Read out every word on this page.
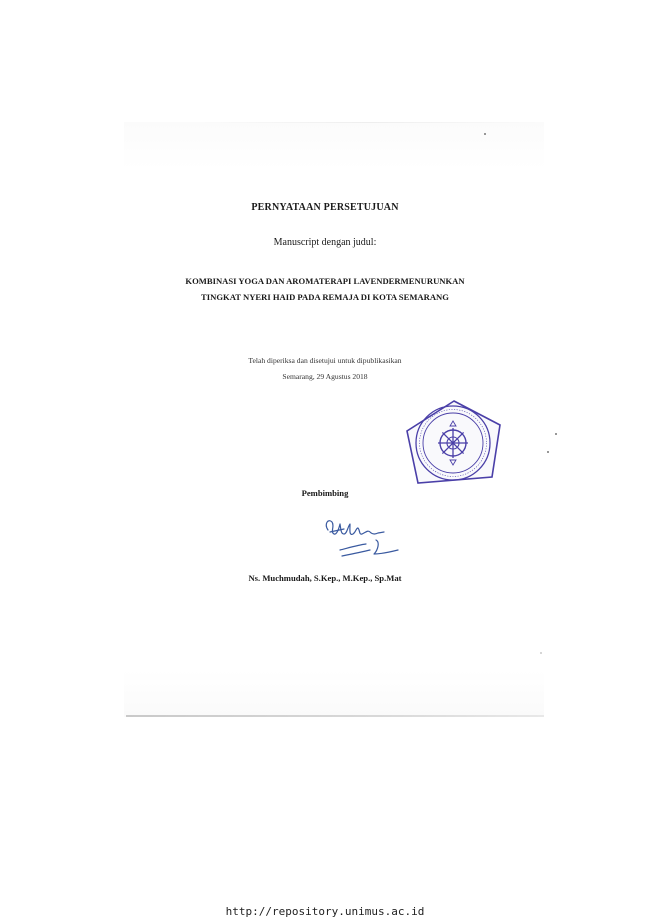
PERNYATAAN PERSETUJUAN
Manuscript dengan judul:
KOMBINASI YOGA DAN AROMATERAPI LAVENDERMENURUNKAN
TINGKAT NYERI HAID PADA REMAJA DI KOTA SEMARANG
Telah diperiksa dan disetujui untuk dipublikasikan
Semarang, 29 Agustus 2018
Pembimbing
Ns. Muchmudah, S.Kep., M.Kep., Sp.Mat
http://repository.unimus.ac.id
